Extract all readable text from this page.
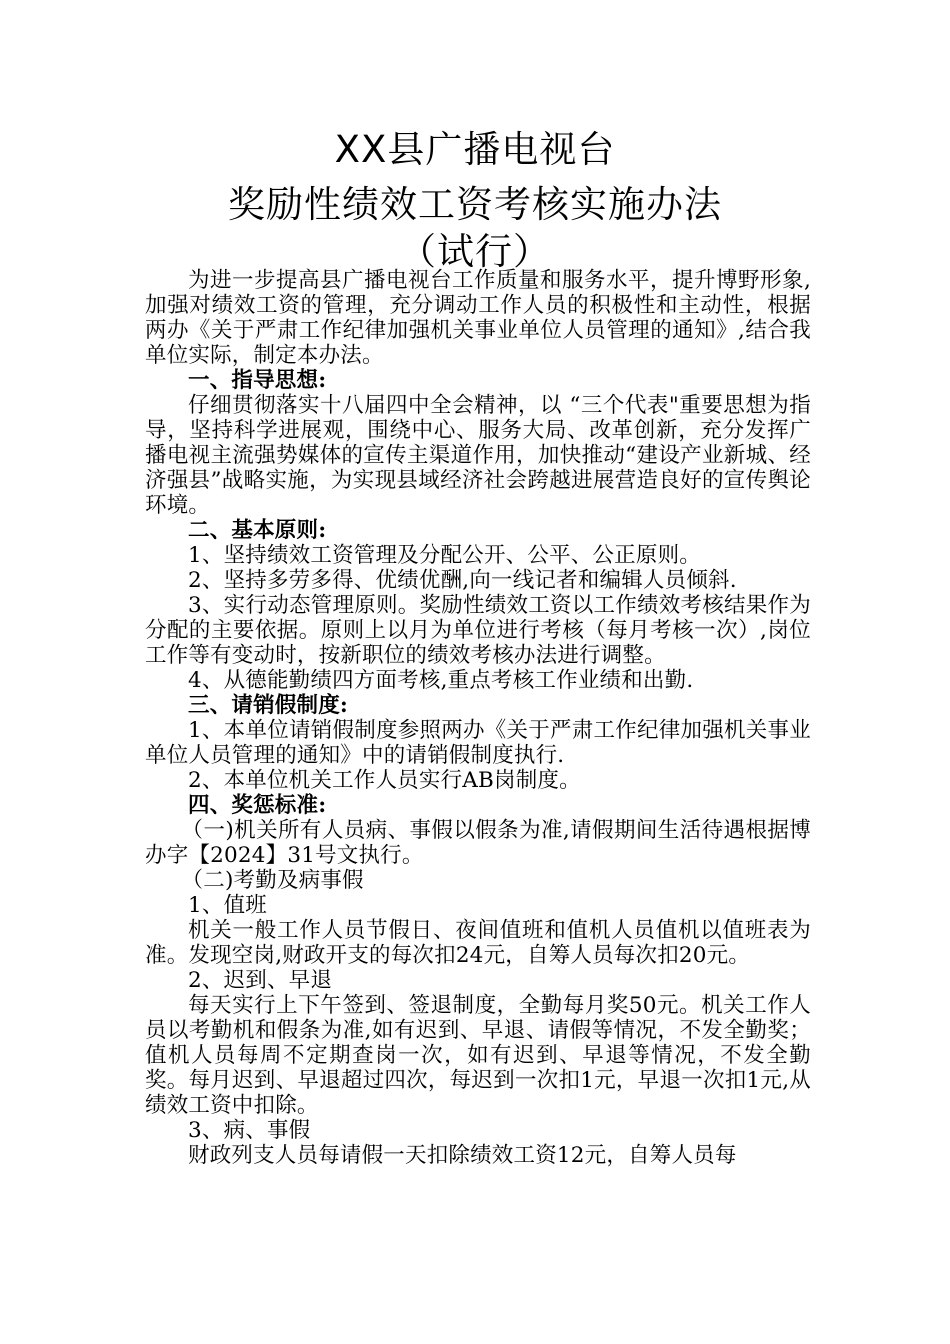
XX县广播电视台
奖励性绩效工资考核实施办法
（试行）

为进一步提高县广播电视台工作质量和服务水平，提升博野形象,加强对绩效工资的管理，充分调动工作人员的积极性和主动性，根据两办《关于严肃工作纪律加强机关事业单位人员管理的通知》,结合我单位实际，制定本办法。

一、指导思想:

仔细贯彻落实十八届四中全会精神，以 “三个代表"重要思想为指导，坚持科学进展观，围绕中心、服务大局、改革创新，充分发挥广播电视主流强势媒体的宣传主渠道作用，加快推动“建设产业新城、经济强县”战略实施，为实现县域经济社会跨越进展营造良好的宣传舆论环境。

二、基本原则:

1、坚持绩效工资管理及分配公开、公平、公正原则。

2、坚持多劳多得、优绩优酬,向一线记者和编辑人员倾斜.

3、实行动态管理原则。奖励性绩效工资以工作绩效考核结果作为分配的主要依据。原则上以月为单位进行考核（每月考核一次）,岗位工作等有变动时，按新职位的绩效考核办法进行调整。

4、从德能勤绩四方面考核,重点考核工作业绩和出勤.

三、请销假制度:

1、本单位请销假制度参照两办《关于严肃工作纪律加强机关事业单位人员管理的通知》中的请销假制度执行.

2、本单位机关工作人员实行AB岗制度。

四、奖惩标准:

（一)机关所有人员病、事假以假条为准,请假期间生活待遇根据博办字【2024】31号文执行。

（二)考勤及病事假

1、值班

机关一般工作人员节假日、夜间值班和值机人员值机以值班表为准。发现空岗,财政开支的每次扣24元，自筹人员每次扣20元。

2、迟到、早退

每天实行上下午签到、签退制度，全勤每月奖50元。机关工作人员以考勤机和假条为准,如有迟到、早退、请假等情况，不发全勤奖；值机人员每周不定期查岗一次，如有迟到、早退等情况，不发全勤奖。每月迟到、早退超过四次，每迟到一次扣1元，早退一次扣1元,从绩效工资中扣除。

3、病、事假

财政列支人员每请假一天扣除绩效工资12元，自筹人员每
